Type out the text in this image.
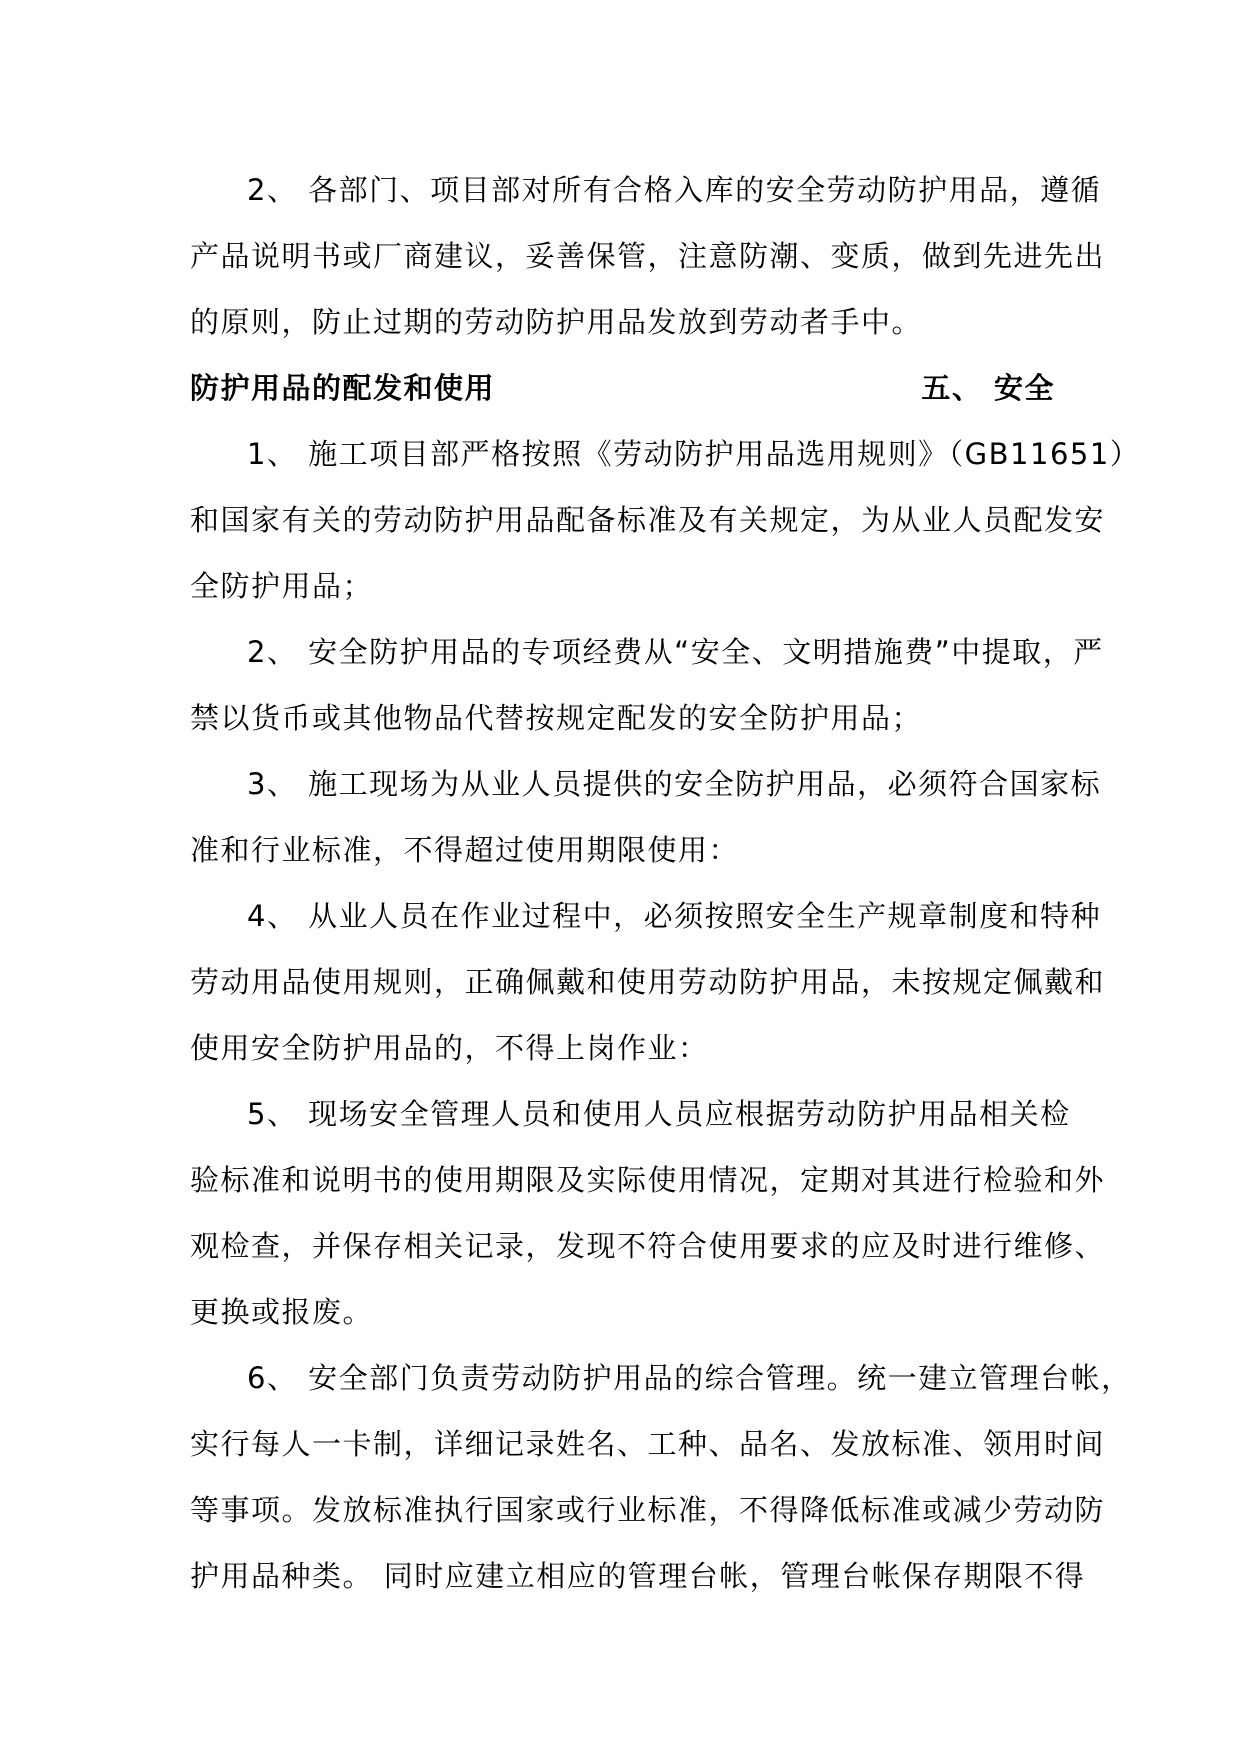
2、 各部门、项目部对所有合格入库的安全劳动防护用品，遵循
产品说明书或厂商建议，妥善保管，注意防潮、变质，做到先进先出
的原则，防止过期的劳动防护用品发放到劳动者手中。
五、 安全
防护用品的配发和使用
1、 施工项目部严格按照《劳动防护用品选用规则》（GB11651）
和国家有关的劳动防护用品配备标准及有关规定，为从业人员配发安
全防护用品；
2、 安全防护用品的专项经费从“安全、文明措施费”中提取，严
禁以货币或其他物品代替按规定配发的安全防护用品；
3、 施工现场为从业人员提供的安全防护用品，必须符合国家标
准和行业标准，不得超过使用期限使用：
4、 从业人员在作业过程中，必须按照安全生产规章制度和特种
劳动用品使用规则，正确佩戴和使用劳动防护用品，未按规定佩戴和
使用安全防护用品的，不得上岗作业：
5、 现场安全管理人员和使用人员应根据劳动防护用品相关检
验标准和说明书的使用期限及实际使用情况，定期对其进行检验和外
观检查，并保存相关记录，发现不符合使用要求的应及时进行维修、
更换或报废。
6、 安全部门负责劳动防护用品的综合管理。统一建立管理台帐，
实行每人一卡制，详细记录姓名、工种、品名、发放标准、领用时间
等事项。发放标准执行国家或行业标准，不得降低标准或减少劳动防
护用品种类。 同时应建立相应的管理台帐，管理台帐保存期限不得
